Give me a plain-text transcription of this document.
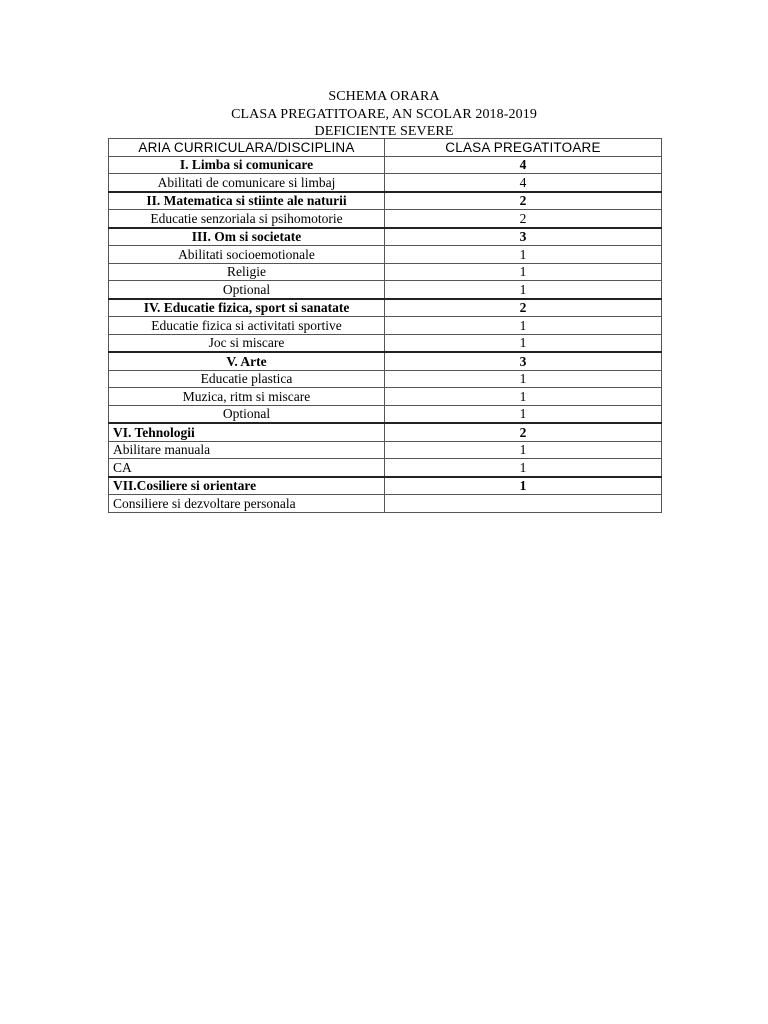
SCHEMA ORARA
CLASA PREGATITOARE, AN SCOLAR 2018-2019
DEFICIENTE SEVERE
ARIA CURRICULARA/DISCIPLINA	CLASA PREGATITOARE
I. Limba si comunicare	4
Abilitati de comunicare si limbaj	4
II. Matematica si stiinte ale naturii	2
Educatie senzoriala si psihomotorie	2
III. Om si societate	3
Abilitati socioemotionale	1
Religie	1
Optional	1
IV. Educatie fizica, sport si sanatate	2
Educatie fizica si activitati sportive	1
Joc si miscare	1
V. Arte	3
Educatie plastica	1
Muzica, ritm si miscare	1
Optional	1
VI. Tehnologii	2
Abilitare manuala	1
CA	1
VII.Cosiliere si orientare	1
Consiliere si dezvoltare personala	
